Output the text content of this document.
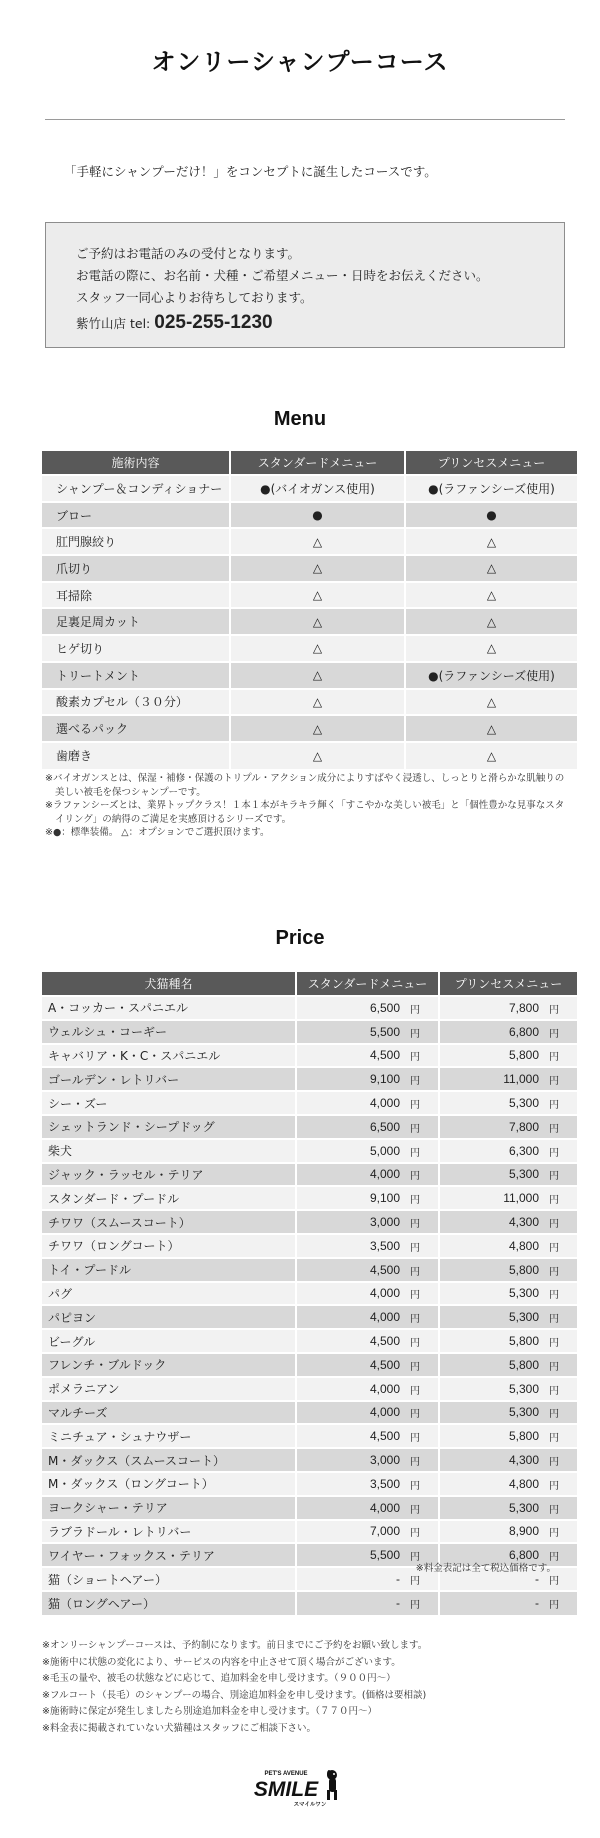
オンリーシャンプーコース

「手軽にシャンプーだけ！」をコンセプトに誕生したコースです。

ご予約はお電話のみの受付となります。

お電話の際に、お名前・犬種・ご希望メニュー・日時をお伝えください。

スタッフ一同心よりお待ちしております。

紫竹山店 tel: 025-255-1230

Menu
施術内容	スタンダードメニュー	プリンセスメニュー
シャンプー＆コンディショナー	●(バイオガンス使用)	●(ラファンシーズ使用)
ブロー	●	●
肛門腺絞り	△	△
爪切り	△	△
耳掃除	△	△
足裏足周カット	△	△
ヒゲ切り	△	△
トリートメント	△	●(ラファンシーズ使用)
酸素カプセル（３０分）	△	△
選べるパック	△	△
歯磨き	△	△

※バイオガンスとは、保湿・補修・保護のトリプル・アクション成分によりすばやく浸透し、しっとりと滑らかな肌触りの美しい被毛を保つシャンプーです。

※ラファンシーズとは、業界トップクラス！１本１本がキラキラ輝く「すこやかな美しい被毛」と「個性豊かな見事なスタイリング」の納得のご満足を実感頂けるシリーズです。

※●：標準装備。 △：オプションでご選択頂けます。

Price
犬猫種名	スタンダードメニュー	プリンセスメニュー
A・コッカー・スパニエル	6,500 円	7,800 円

ウェルシュ・コーギー	5,500 円	6,800 円

キャバリア・K・C・スパニエル	4,500 円	5,800 円

ゴールデン・レトリバー	9,100 円	11,000 円

シー・ズー	4,000 円	5,300 円

シェットランド・シープドッグ	6,500 円	7,800 円

柴犬	5,000 円	6,300 円

ジャック・ラッセル・テリア	4,000 円	5,300 円

スタンダード・プードル	9,100 円	11,000 円

チワワ（スムースコート）	3,000 円	4,300 円

チワワ（ロングコート）	3,500 円	4,800 円

トイ・プードル	4,500 円	5,800 円

パグ	4,000 円	5,300 円

パピヨン	4,000 円	5,300 円

ビーグル	4,500 円	5,800 円

フレンチ・ブルドック	4,500 円	5,800 円

ポメラニアン	4,000 円	5,300 円

マルチーズ	4,000 円	5,300 円

ミニチュア・シュナウザー	4,500 円	5,800 円

M・ダックス（スムースコート）	3,000 円	4,300 円

M・ダックス（ロングコート）	3,500 円	4,800 円

ヨークシャー・テリア	4,000 円	5,300 円

ラブラドール・レトリバー	7,000 円	8,900 円

ワイヤー・フォックス・テリア	5,500 円	6,800 円

猫（ショートヘアー）	- 円	- 円

猫（ロングヘアー）	- 円	- 円

※料金表記は全て税込価格です。

※オンリーシャンプーコースは、予約制になります。前日までにご予約をお願い致します。

※施術中に状態の変化により、サービスの内容を中止させて頂く場合がございます。

※毛玉の量や、被毛の状態などに応じて、追加料金を申し受けます。（９００円〜）

※フルコート（長毛）のシャンプーの場合、別途追加料金を申し受けます。(価格は要相談)

※施術時に保定が発生しましたら別途追加料金を申し受けます。（７７０円〜）

※料金表に掲載されていない犬猫種はスタッフにご相談下さい。

PET'S AVENUE
SMILE
スマイルワン
